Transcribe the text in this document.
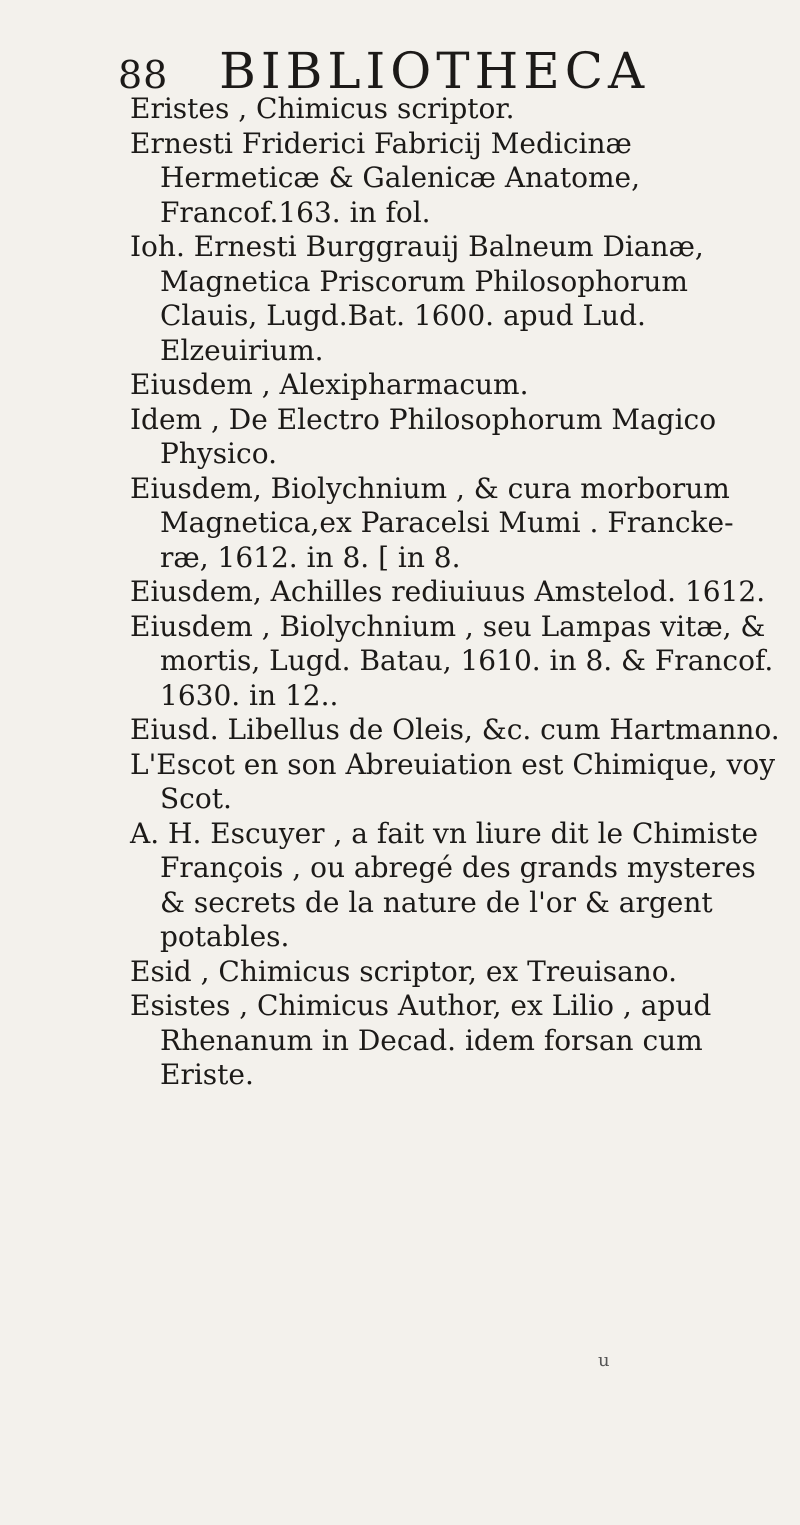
88 BIBLIOTHECA

Eristes , Chimicus scriptor.

Ernesti Friderici Fabricij Medicinæ Hermeticæ & Galenicæ Anatome, Francof.163. in fol.

Ioh. Ernesti Burggrauij Balneum Dianæ, Magnetica Priscorum Philosophorum Clauis, Lugd.Bat. 1600. apud Lud. Elzeuirium.

Eiusdem , Alexipharmacum.

Idem , De Electro Philosophorum Magico Physico.

Eiusdem, Biolychnium , & cura morborum Magnetica,ex Paracelsi Mumi . Francke-ræ, 1612. in 8. [ in 8.

Eiusdem, Achilles rediuiuus Amstelod. 1612.

Eiusdem , Biolychnium , seu Lampas vitæ, & mortis, Lugd. Batau, 1610. in 8. & Francof. 1630. in 12..

Eiusd. Libellus de Oleis, &c. cum Hartmanno.

L'Escot en son Abreuiation est Chimique, voy Scot.

A. H. Escuyer , a fait vn liure dit le Chimiste François , ou abregé des grands mysteres & secrets de la nature de l'or & argent potables.

Esid , Chimicus scriptor, ex Treuisano.

Esistes , Chimicus Author, ex Lilio , apud Rhenanum in Decad. idem forsan cum Eriste.

u
